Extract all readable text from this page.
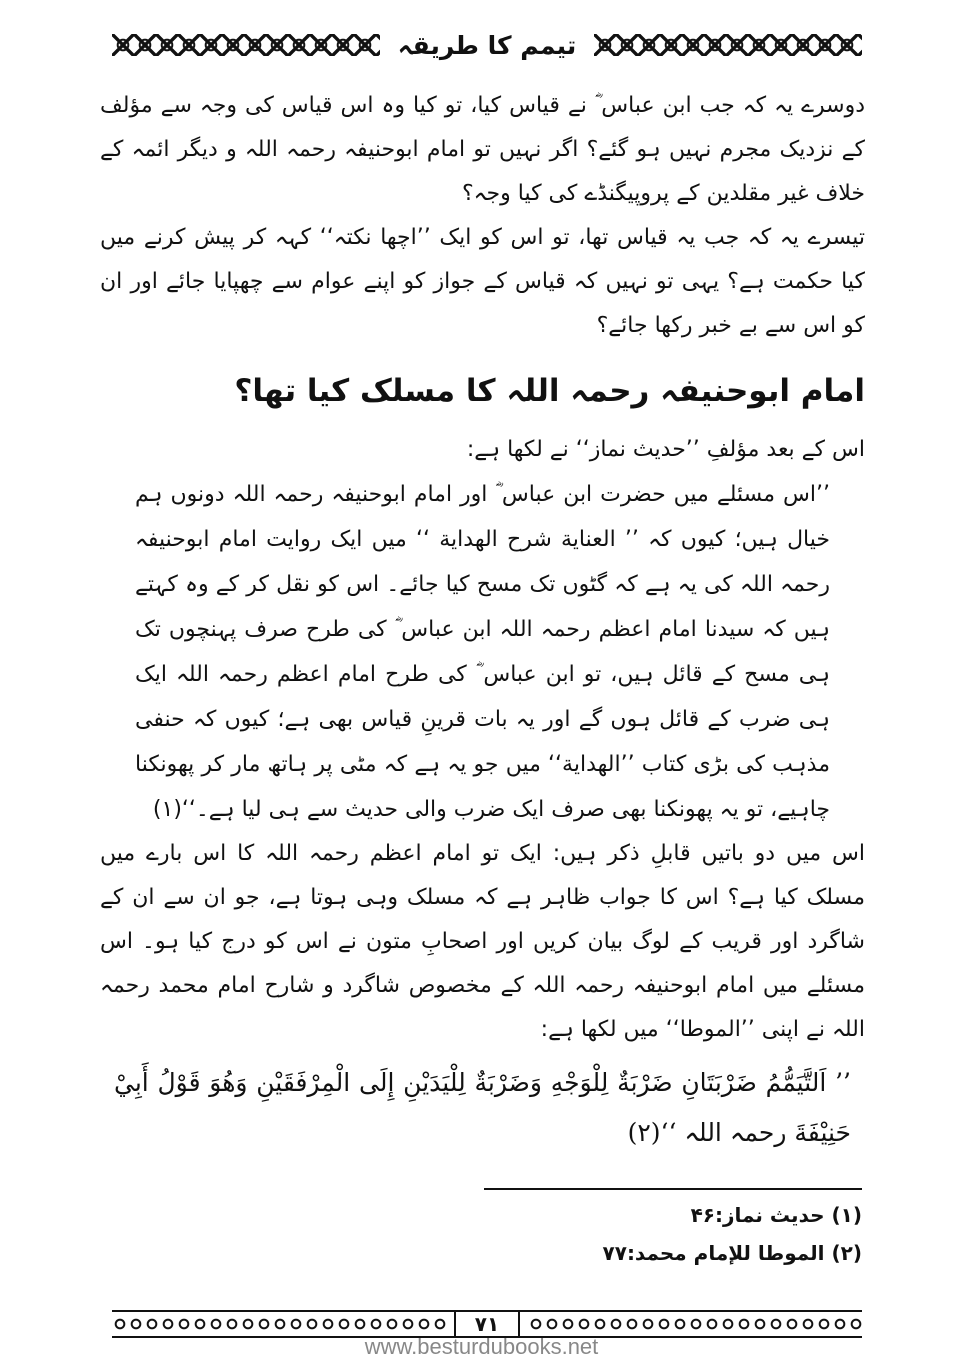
تیمم کا طریقہ

دوسرے یہ کہ جب ابن عباس ؓ نے قیاس کیا، تو کیا وہ اس قیاس کی وجہ سے مؤلف کے نزدیک مجرم نہیں ہو گئے؟ اگر نہیں تو امام ابوحنیفہ رحمہ اللہ و دیگر ائمہ کے خلاف غیر مقلدین کے پروپیگنڈے کی کیا وجہ؟

تیسرے یہ کہ جب یہ قیاس تھا، تو اس کو ایک ’’اچھا نکتہ‘‘ کہہ کر پیش کرنے میں کیا حکمت ہے؟ یہی تو نہیں کہ قیاس کے جواز کو اپنے عوام سے چھپایا جائے اور ان کو اس سے بے خبر رکھا جائے؟

امام ابوحنیفہ رحمہ اللہ کا مسلک کیا تھا؟

اس کے بعد مؤلفِ ’’حدیث نماز‘‘ نے لکھا ہے:

’’اس مسئلے میں حضرت ابن عباس ؓ اور امام ابوحنیفہ رحمہ اللہ دونوں ہم خیال ہیں؛ کیوں کہ ’’ العنایة شرح الھدایة ‘‘ میں ایک روایت امام ابوحنیفہ رحمہ اللہ کی یہ ہے کہ گٹوں تک مسح کیا جائے۔ اس کو نقل کر کے وہ کہتے ہیں کہ سیدنا امام اعظم رحمہ اللہ ابن عباس ؓ کی طرح صرف پہنچوں تک ہی مسح کے قائل ہیں، تو ابن عباس ؓ کی طرح امام اعظم رحمہ اللہ ایک ہی ضرب کے قائل ہوں گے اور یہ بات قرینِ قیاس بھی ہے؛ کیوں کہ حنفی مذہب کی بڑی کتاب ’’الھدایة‘‘ میں جو یہ ہے کہ مٹی پر ہاتھ مار کر پھونکنا چاہیے، تو یہ پھونکنا بھی صرف ایک ضرب والی حدیث سے ہی لیا ہے۔‘‘(۱)

اس میں دو باتیں قابلِ ذکر ہیں: ایک تو امام اعظم رحمہ اللہ کا اس بارے میں مسلک کیا ہے؟ اس کا جواب ظاہر ہے کہ مسلک وہی ہوتا ہے، جو ان سے ان کے شاگرد اور قریب کے لوگ بیان کریں اور اصحابِ متون نے اس کو درج کیا ہو۔ اس مسئلے میں امام ابوحنیفہ رحمہ اللہ کے مخصوص شاگرد و شارح امام محمد رحمہ اللہ نے اپنی ’’الموطا‘‘ میں لکھا ہے:

’’ اَلتَّیَمُّمُ ضَرْبَتَانِ ضَرْبَةٌ لِلْوَجْهِ وَضَرْبَةٌ لِلْیَدَیْنِ إِلَی الْمِرْفَقَیْنِ وَهُوَ قَوْلُ أَبِيْ حَنِیْفَةَ رحمہ اللہ ‘‘(۲)

(۱) حدیث نماز:۴۶
(۲) الموطا للإمام محمد:۷۷
۷۱
www.besturdubooks.net
